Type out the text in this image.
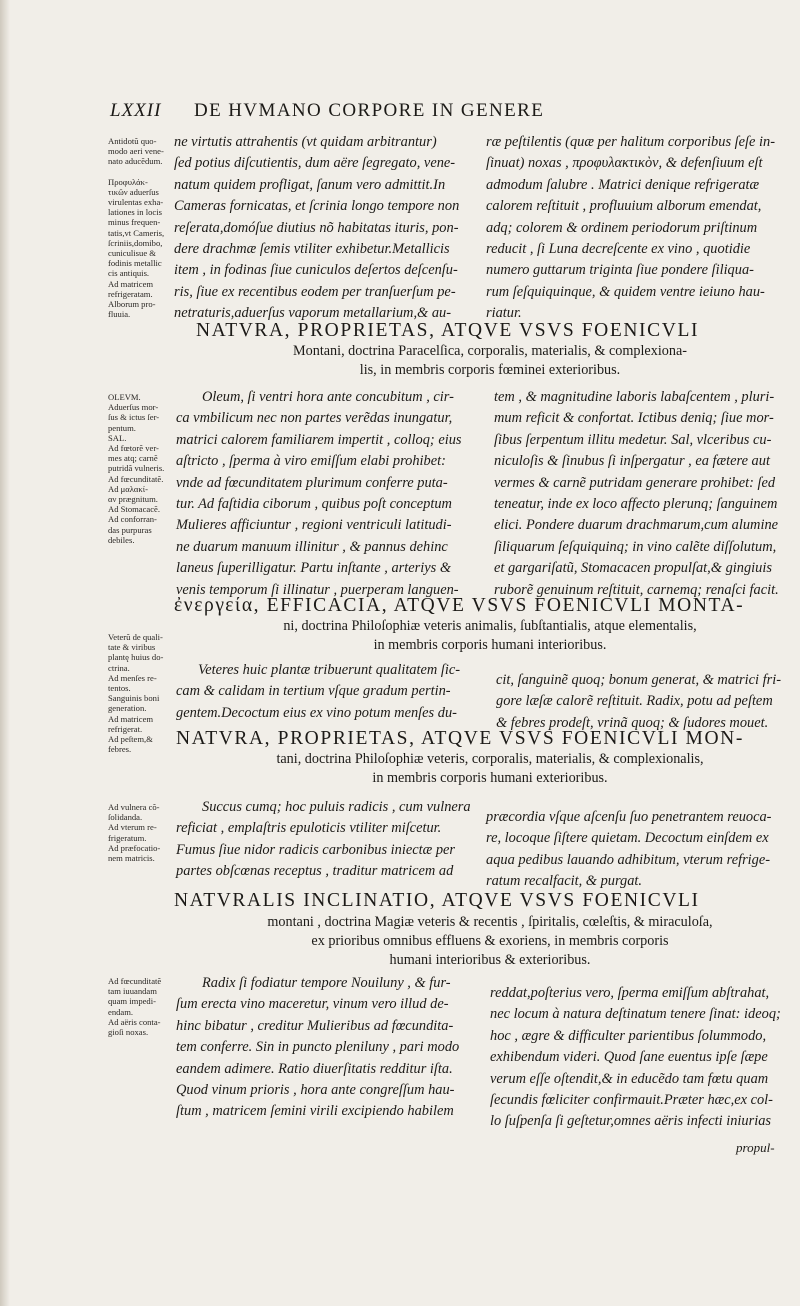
LXXII DE HVMANO CORPORE IN GENERE
Antidotũ quo-
modo aeri vene-
nato aducẽdum.
Προφυλάκ-
τικῶν aduerſus
virulentas exha-
lationes in locis
minus frequen-
tatis,vt Cameris,
ſcriniis,domibo,
cuniculisue &
fodinis metallic
cis antiquis.
Ad matricem
refrigeratam.
Alborum pro-
fluuia.
ne virtutis attrahentis (vt quidam arbitrantur)
ſed potius diſcutientis, dum aëre ſegregato, vene-
natum quidem profligat, ſanum vero admittit.In
Cameras fornicatas, et ſcrinia longo tempore non
reſerata,domóſue diutius nõ habitatas ituris, pon-
dere drachmæ ſemis vtiliter exhibetur.Metallicis
item , in fodinas ſiue cuniculos deſertos deſcenſu-
ris, ſiue ex recentibus eodem per tranſuerſum pe-
netraturis,aduerſus vaporum metallarium,& au-
ræ peſtilentis (quæ per halitum corporibus ſeſe in-
ſinuat) noxas , προφυλακτικὸν, & defenſiuum eſt
admodum ſalubre . Matrici denique refrigeratæ
calorem reſtituit , profluuium alborum emendat,
adq; colorem & ordinem periodorum priſtinum
reducit , ſi Luna decreſcente ex vino , quotidie
numero guttarum triginta ſiue pondere ſiliqua-
rum ſeſquiquinque, & quidem ventre ieiuno hau-
riatur.
NATVRA, PROPRIETAS, ATQVE VSVS FOENICVLI
Montani, doctrina Paracelſica, corporalis, materialis, & complexiona-
lis, in membris corporis fœminei exterioribus.
OLEVM.
Aduerſus mor-
ſus & ictus ſer-
pentum.
SAL.
Ad fœtorẽ ver-
mes atq; carnẽ
putridã vulneris.
Ad fœcunditatẽ.
Ad μαλακί-
αν prægnitum.
Ad Stomacacẽ.
Ad conforran-
das purpuras
debiles.
Oleum, ſi ventri hora ante concubitum , cir-
ca vmbilicum nec non partes verẽdas inungatur,
matrici calorem familiarem impertit , colloq; eius
aſtricto , ſperma à viro emiſſum elabi prohibet:
vnde ad fœcunditatem plurimum conferre puta-
tur. Ad faſtidia ciborum , quibus poſt conceptum
Mulieres afficiuntur , regioni ventriculi latitudi-
ne duarum manuum illinitur , & pannus dehinc
laneus ſuperilligatur. Partu inſtante , arteriys &
venis temporum ſi illinatur , puerperam languen-
tem , & magnitudine laboris labaſcentem , pluri-
mum reficit & confortat. Ictibus deniq; ſiue mor-
ſibus ſerpentum illitu medetur. Sal, vlceribus cu-
niculoſis & ſinubus ſi inſpergatur , ea fætere aut
vermes & carnẽ putridam generare prohibet: ſed
teneatur, inde ex loco affecto plerunq; ſanguinem
elici. Pondere duarum drachmarum,cum alumine
ſiliquarum ſeſquiquinq; in vino calẽte diſſolutum,
et gargariſatũ, Stomacacen propulſat,& gingiuis
ruborẽ genuinum reſtituit, carnemq; renaſci facit.
ἐνεργεία, EFFICACIA, ATQVE VSVS FOENICVLI MONTA-
ni, doctrina Philoſophiæ veteris animalis, ſubſtantialis, atque elementalis,
in membris corporis humani interioribus.
Veterũ de quali-
tate & viribus
plantę huius do-
ctrina.
Ad menſes re-
tentos.
Sanguinis boni
generation.
Ad matricem
refrigerat.
Ad peſtem,&
febres.
Veteres huic plantæ tribuerunt qualitatem ſic-
cam & calidam in tertium vſque gradum pertin-
gentem.Decoctum eius ex vino potum menſes du-
cit, ſanguinẽ quoq; bonum generat, & matrici fri-
gore læſæ calorẽ reſtituit. Radix, potu ad peſtem
& febres prodeſt, vrinã quoq; & ſudores mouet.
NATVRA, PROPRIETAS, ATQVE VSVS FOENICVLI MON-
tani, doctrina Philoſophiæ veteris, corporalis, materialis, & complexionalis,
in membris corporis humani exterioribus.
Ad vulnera cõ-
ſolidanda.
Ad vterum re-
frigeratum.
Ad præfocatio-
nem matricis.
Succus cumq; hoc puluis radicis , cum vulnera
reficiat , emplaſtris epuloticis vtiliter miſcetur.
Fumus ſiue nidor radicis carbonibus iniectæ per
partes obſcœnas receptus , traditur matricem ad
præcordia vſque aſcenſu ſuo penetrantem reuoca-
re, locoque ſiſtere quietam. Decoctum einſdem ex
aqua pedibus lauando adhibitum, vterum refrige-
ratum recalfacit, & purgat.
NATVRALIS INCLINATIO, ATQVE VSVS FOENICVLI
montani , doctrina Magiæ veteris & recentis , ſpiritalis, cœleſtis, & miraculoſa,
ex prioribus omnibus effluens & exoriens, in membris corporis
humani interioribus & exterioribus.
Ad fœcunditatẽ
tam iuuandam
quam impedi-
endam.
Ad aëris conta-
gioſi noxas.
Radix ſi fodiatur tempore Nouiluny , & fur-
ſum erecta vino maceretur, vinum vero illud de-
hinc bibatur , creditur Mulieribus ad fœcundita-
tem conferre. Sin in puncto pleniluny , pari modo
eandem adimere. Ratio diuerſitatis redditur iſta.
Quod vinum prioris , hora ante congreſſum hau-
ſtum , matricem ſemini virili excipiendo habilem
reddat,poſterius vero, ſperma emiſſum abſtrahat,
nec locum à natura deſtinatum tenere ſinat: ideoq;
hoc , ægre & difficulter parientibus ſolummodo,
exhibendum videri. Quod ſane euentus ipſe ſæpe
verum eſſe oſtendit,& in educẽdo tam fœtu quam
ſecundis fœliciter confirmauit.Præter hæc,ex col-
lo ſuſpenſa ſi geſtetur,omnes aëris infecti iniurias
propul-
